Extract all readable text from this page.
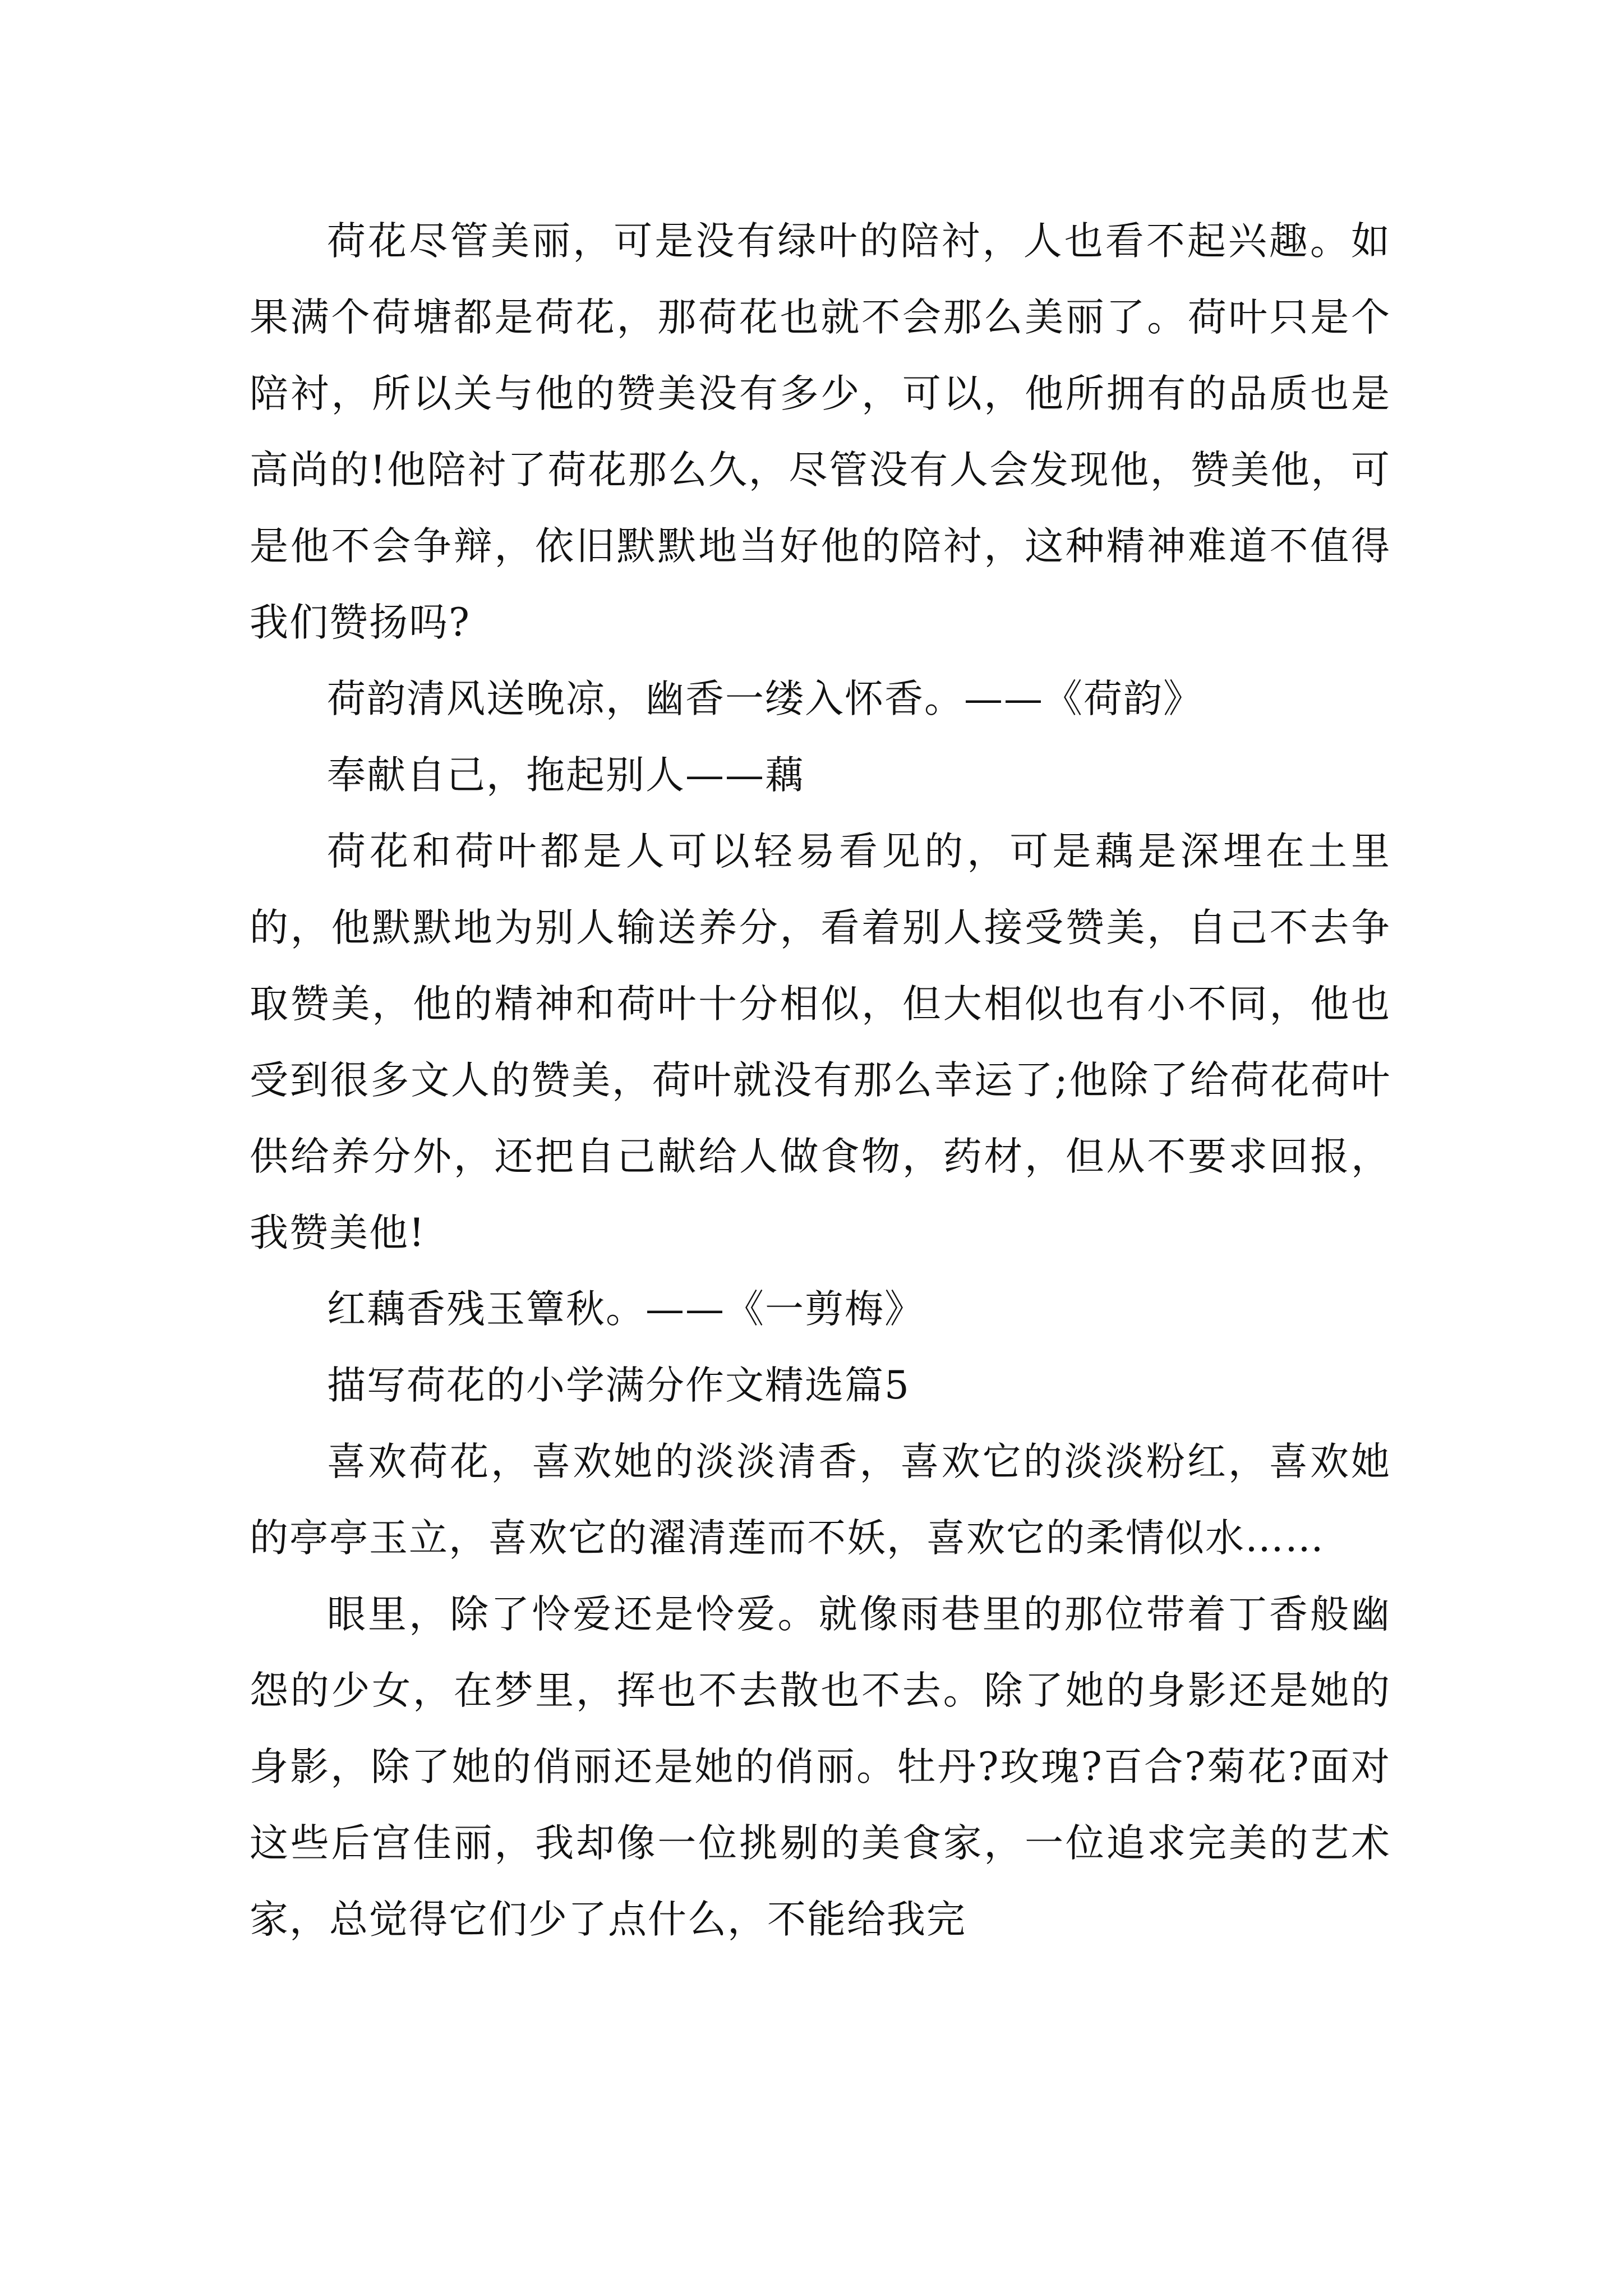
荷花尽管美丽，可是没有绿叶的陪衬，人也看不起兴趣。如果满个荷塘都是荷花，那荷花也就不会那么美丽了。荷叶只是个陪衬，所以关与他的赞美没有多少，可以，他所拥有的品质也是高尚的!他陪衬了荷花那么久，尽管没有人会发现他，赞美他，可是他不会争辩，依旧默默地当好他的陪衬，这种精神难道不值得我们赞扬吗?

荷韵清风送晚凉，幽香一缕入怀香。——《荷韵》

奉献自己，拖起别人——藕

荷花和荷叶都是人可以轻易看见的，可是藕是深埋在土里的，他默默地为别人输送养分，看着别人接受赞美，自己不去争取赞美，他的精神和荷叶十分相似，但大相似也有小不同，他也受到很多文人的赞美，荷叶就没有那么幸运了;他除了给荷花荷叶供给养分外，还把自己献给人做食物，药材，但从不要求回报，我赞美他!

红藕香残玉簟秋。——《一剪梅》

描写荷花的小学满分作文精选篇5

喜欢荷花，喜欢她的淡淡清香，喜欢它的淡淡粉红，喜欢她的亭亭玉立，喜欢它的濯清莲而不妖，喜欢它的柔情似水……

眼里，除了怜爱还是怜爱。就像雨巷里的那位带着丁香般幽怨的少女，在梦里，挥也不去散也不去。除了她的身影还是她的身影，除了她的俏丽还是她的俏丽。牡丹?玫瑰?百合?菊花?面对这些后宫佳丽，我却像一位挑剔的美食家，一位追求完美的艺术家，总觉得它们少了点什么，不能给我完
